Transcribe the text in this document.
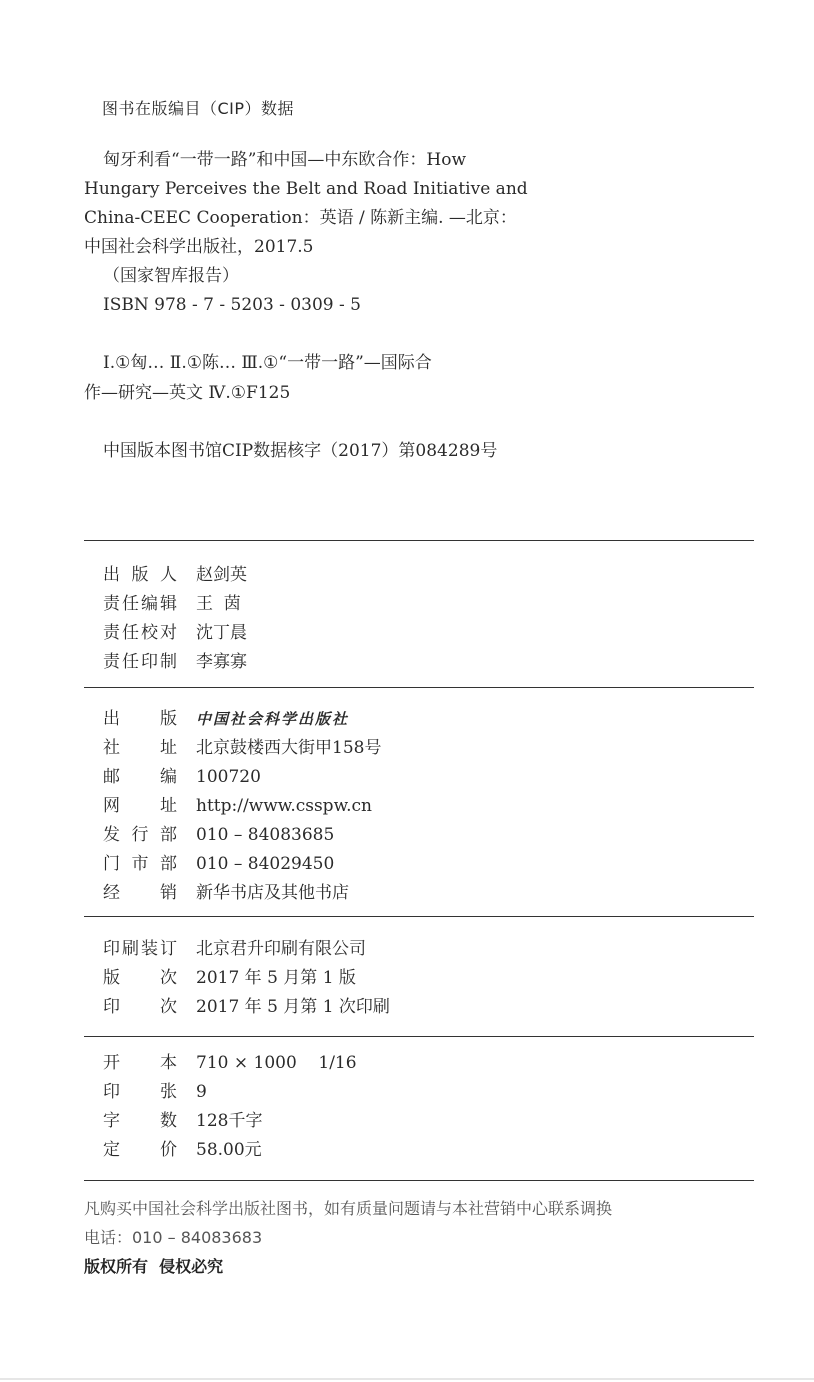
图书在版编目（CIP）数据
匈牙利看“一带一路”和中国—中东欧合作：How
Hungary Perceives the Belt and Road Initiative and
China-CEEC Cooperation：英语 / 陈新主编. —北京：
中国社会科学出版社，2017.5
（国家智库报告）
ISBN 978 - 7 - 5203 - 0309 - 5
Ⅰ.①匈… Ⅱ.①陈… Ⅲ.①“一带一路”—国际合
作—研究—英文 Ⅳ.①F125
中国版本图书馆CIP数据核字（2017）第084289号
出版人 赵剑英
责任编辑 王  茵
责任校对 沈丁晨
责任印制 李寡寡
出版 中国社会科学出版社
社址 北京鼓楼西大街甲158号
邮编 100720
网址 http://www.csspw.cn
发行部 010 – 84083685
门市部 010 – 84029450
经销 新华书店及其他书店
印刷装订 北京君升印刷有限公司
版次 2017 年 5 月第 1 版
印次 2017 年 5 月第 1 次印刷
开本 710 × 1000    1/16
印张 9
字数 128千字
定价 58.00元
凡购买中国社会科学出版社图书，如有质量问题请与本社营销中心联系调换
电话：010 – 84083683
版权所有  侵权必究
